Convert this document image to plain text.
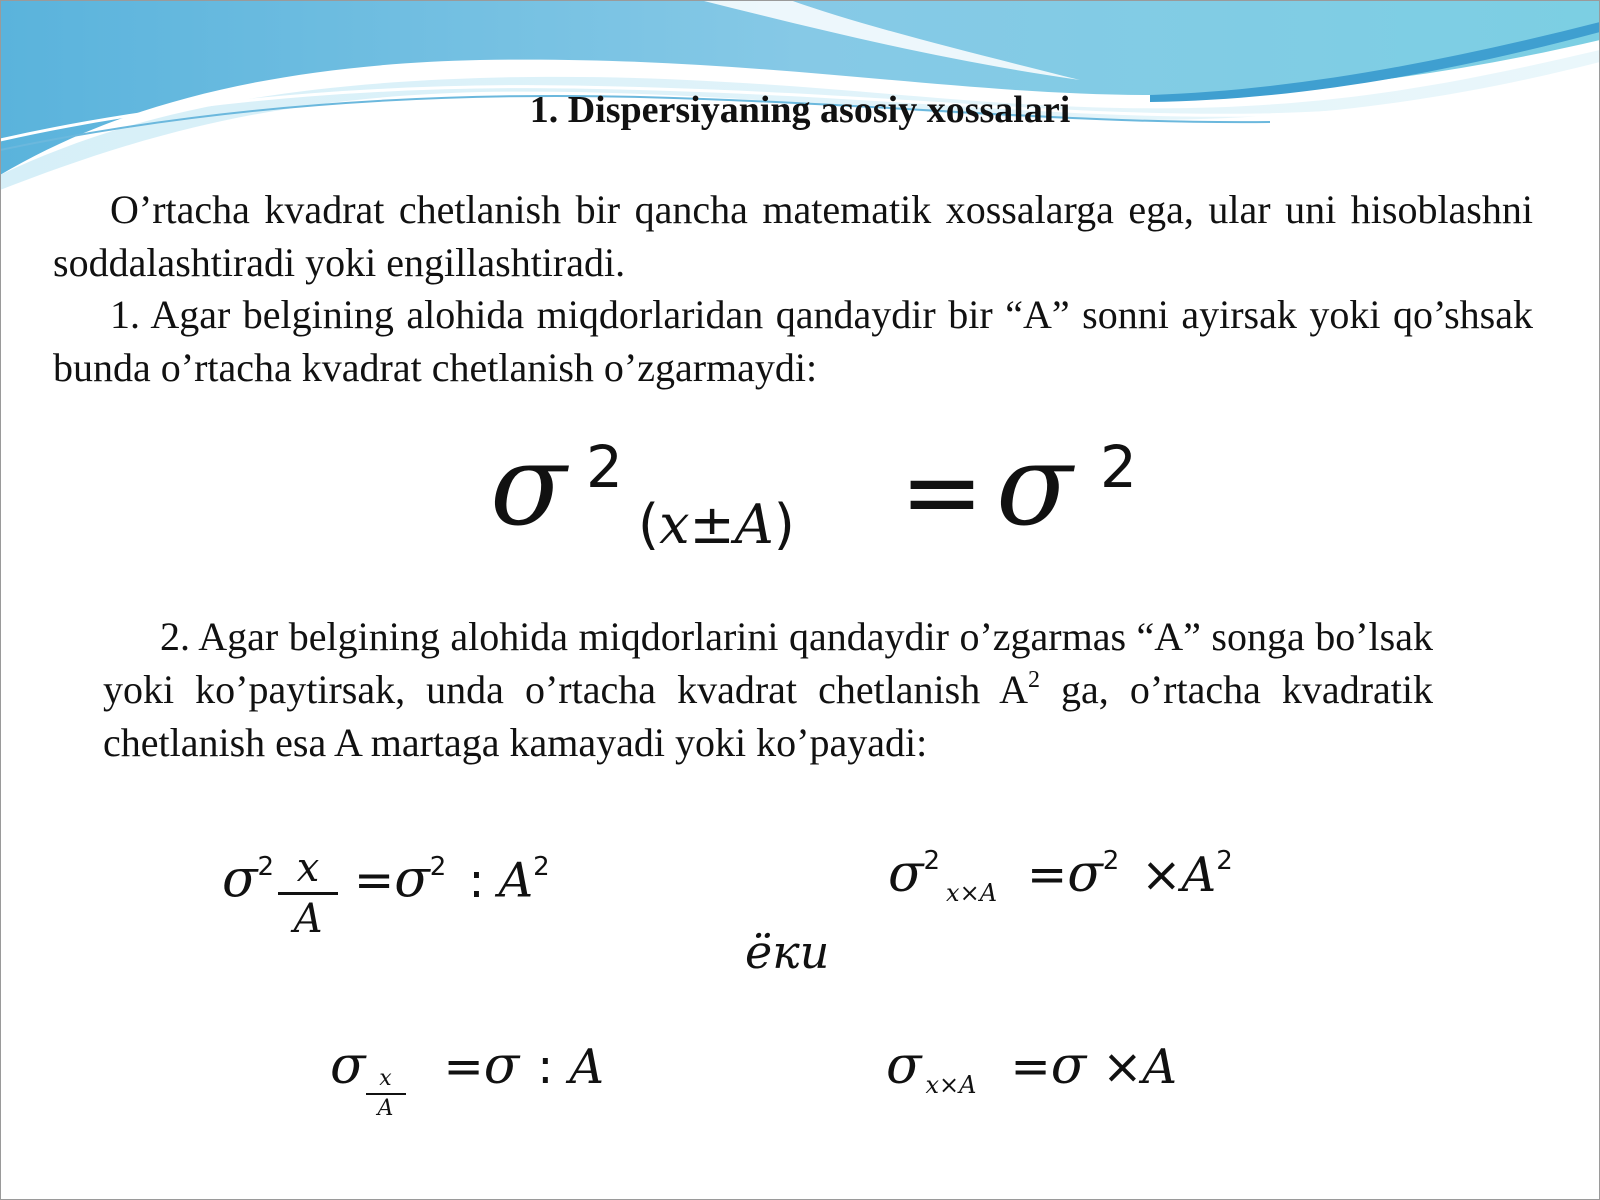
1. Dispersiyaning asosiy xossalari
O’rtacha kvadrat chetlanish bir qancha matematik xossalarga ega, ular uni hisoblashni soddalashtiradi yoki engillashtiradi.
1. Agar belgining alohida miqdorlaridan qandaydir bir “A” sonni ayirsak yoki qo’shsak bunda o’rtacha kvadrat chetlanish o’zgarmaydi:
σ 2
(x±A) = σ 2
2. Agar belgining alohida miqdorlarini qandaydir o’zgarmas “A” songa bo’lsak yoki ko’paytirsak, unda o’rtacha kvadrat chetlanish $A^2$ ga, o’rtacha kvadratik chetlanish esa A martaga kamayadi yoki ko’payadi:
$\sigma^2 \frac{x}{A} =\sigma^2$ : $A^2$	$\sigma^2_{x\times A} =\sigma^2 \times A^2$
ёки
σ $\frac{x}{A} =\sigma$ : A	σ $_{x\times A}$ =σ ×A
